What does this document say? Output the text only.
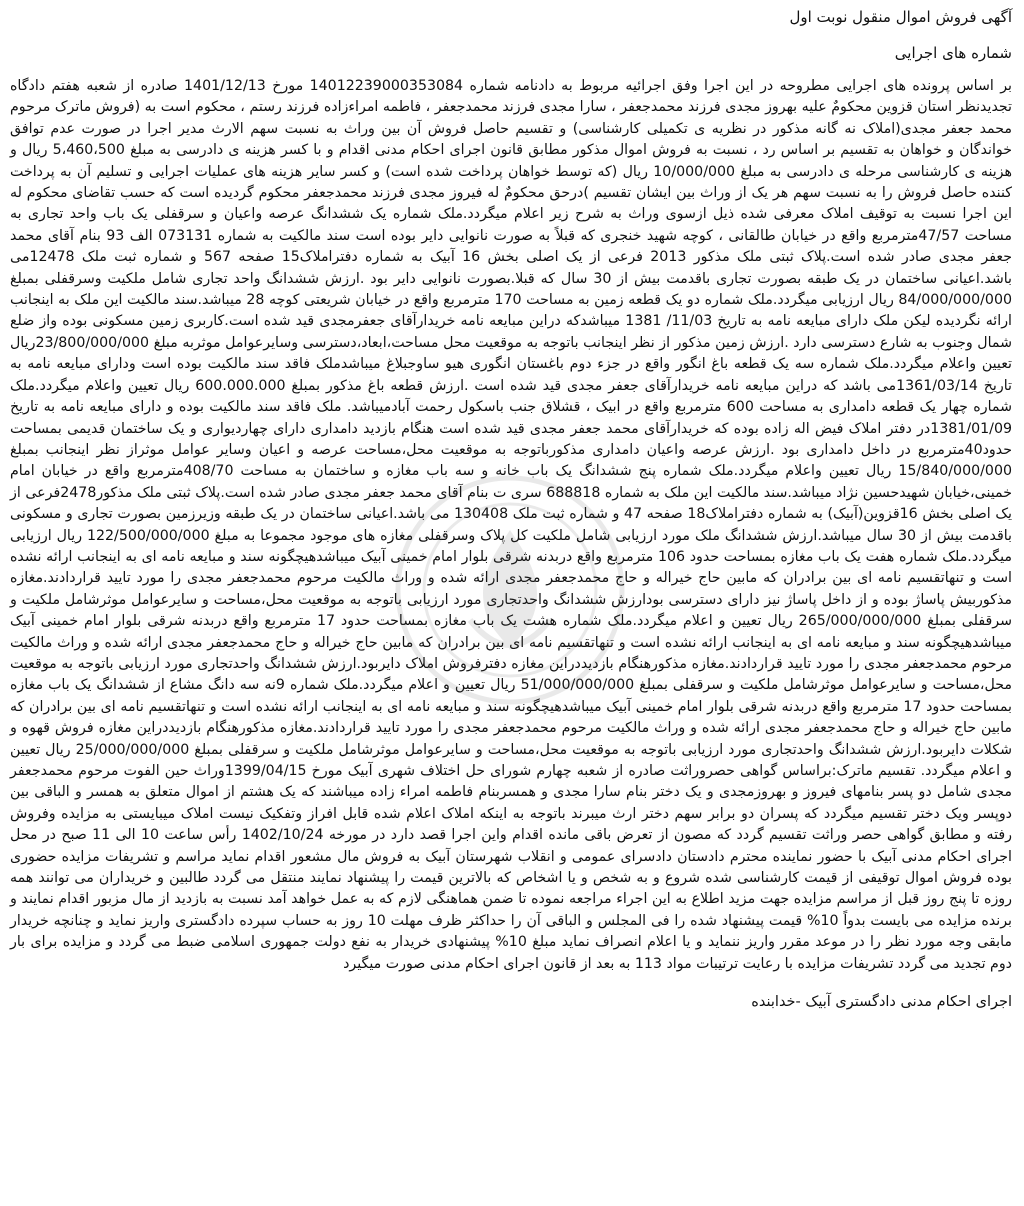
آگهی فروش اموال منقول نوبت اول
شماره های اجرایی

بر اساس پرونده های اجرایی مطروحه در این اجرا وفق اجرائیه مربوط به دادنامه شماره 14012239000353084 مورخ 1401/12/13 صادره از شعبه هفتم دادگاه تجدیدنظر استان قزوین محکومٌ علیه بهروز مجدی فرزند محمدجعفر ، سارا مجدی فرزند محمدجعفر ، فاطمه امراءزاده فرزند رستم ، محکوم است به (فروش ماترک مرحوم محمد جعفر مجدی(املاک نه گانه مذکور در نظریه ی تکمیلی کارشناسی) و تقسیم حاصل فروش آن بین وراث به نسبت سهم الارث مدیر اجرا در صورت عدم توافق خواندگان و خواهان به تقسیم بر اساس رد ، نسبت به فروش اموال مذکور مطابق قانون اجرای احکام مدنی اقدام و با کسر هزینه ی دادرسی به مبلغ 5،460،500 ریال و هزینه ی کارشناسی مرحله ی دادرسی به مبلغ 10/000/000 ریال (که توسط خواهان پرداخت شده است) و کسر سایر هزینه های عملیات اجرایی و تسلیم آن به پرداخت کننده حاصل فروش را به نسبت سهم هر یک از وراث بین ایشان تقسیم )درحق محکومٌ له فیروز مجدی فرزند محمدجعفر محکوم گردیده است که حسب تقاضای محکوم له این اجرا نسبت به توقیف املاک معرفی شده ذیل ازسوی وراث به شرح زیر اعلام میگردد.ملک شماره یک ششدانگ عرصه واعیان و سرقفلی یک باب واحد تجاری به مساحت 47/57مترمربع واقع در خیابان طالقانی ، کوچه شهید خنجری که قبلاً به صورت نانوایی دایر بوده است سند مالکیت به شماره 073131 الف 93 بنام آقای محمد جعفر مجدی صادر شده است.پلاک ثبتی ملک مذکور 2013 فرعی از یک اصلی بخش 16 آبیک به شماره دفتراملاک15 صفحه 567 و شماره ثبت ملک 12478می باشد.اعیانی ساختمان در یک طبقه بصورت تجاری باقدمت بیش از 30 سال که قبلا.بصورت نانوایی دایر بود .ارزش ششدانگ واحد تجاری شامل ملکیت وسرقفلی بمبلغ 84/000/000/000 ریال ارزیابی میگردد.ملک شماره دو یک قطعه زمین به مساحت 170 مترمربع واقع در خیابان شریعتی کوچه 28 میباشد.سند مالکیت این ملک به اینجانب ارائه نگردیده لیکن ملک دارای مبایعه نامه به تاریخ 11/03/ 1381 میباشدکه دراین مبایعه نامه خریدارآقای جعفرمجدی قید شده است.کاربری زمین مسکونی بوده واز ضلع شمال وجنوب به شارع دسترسی دارد .ارزش زمین مذکور از نظر اینجانب باتوجه به موقعیت محل مساحت،ابعاد،دسترسی وسایرعوامل موثربه مبلغ 23/800/000/000ریال تعیین واعلام میگردد.ملک شماره سه یک قطعه باغ انگور واقع در جزء دوم باغستان انگوری هیو ساوجبلاغ میباشدملک فاقد سند مالکیت بوده است ودارای مبایعه نامه به تاریخ 1361/03/14می باشد که دراین مبایعه نامه خریدارآقای جعفر مجدی قید شده است .ارزش قطعه باغ مذکور بمبلغ 600.000.000 ریال تعیین واعلام میگردد.ملک شماره چهار یک قطعه دامداری به مساحت 600 مترمربع واقع در ابیک ، قشلاق جنب باسکول رحمت آبادمیباشد. ملک فاقد سند مالکیت بوده و دارای مبایعه نامه به تاریخ 1381/01/09در دفتر املاک فیض اله زاده بوده که خریدارآقای محمد جعفر مجدی قید شده است هنگام بازدید دامداری دارای چهاردیواری و یک ساختمان قدیمی بمساحت حدود40مترمربع در داخل دامداری بود .ارزش عرصه واعیان دامداری مذکورباتوجه به موقعیت محل،مساحت عرصه و اعیان وسایر عوامل موثراز نظر اینجانب بمبلغ 15/840/000/000 ریال تعیین واعلام میگردد.ملک شماره پنج ششدانگ یک باب خانه و سه باب مغازه و ساختمان به مساحت 408/70مترمربع واقع در خیابان امام خمینی،خیابان شهیدحسین نژاد میباشد.سند مالکیت این ملک به شماره 688818 سری ت بنام آقای محمد جعفر مجدی صادر شده است.پلاک ثبتی ملک مذکور2478فرعی از یک اصلی بخش 16قزوین(آبیک) به شماره دفتراملاک18 صفحه 47 و شماره ثبت ملک 130408 می باشد.اعیانی ساختمان در یک طبقه وزیرزمین بصورت تجاری و مسکونی باقدمت بیش از 30 سال میباشد.ارزش ششدانگ ملک مورد ارزیابی شامل ملکیت کل پلاک وسرقفلی مغازه های موجود مجموعا به مبلغ 122/500/000/000 ریال ارزیابی میگردد.ملک شماره هفت یک باب مغازه بمساحت حدود 106 مترمربع واقع دربدنه شرقی بلوار امام خمینی آبیک میباشدهیچگونه سند و مبایعه نامه ای به اینجانب ارائه نشده است و تنهاتقسیم نامه ای بین برادران که مابین حاج خیراله و حاج محمدجعفر مجدی ارائه شده و وراث مالکیت مرحوم محمدجعفر مجدی را مورد تایید قراردادند.مغازه مذکوربیش پاساژ بوده و از داخل پاساژ نیز دارای دسترسی بودارزش ششدانگ واحدتجاری مورد ارزیابی باتوجه به موقعیت محل،مساحت و سایرعوامل موثرشامل ملکیت و سرقفلی بمبلغ 265/000/000/000 ریال تعیین و اعلام میگردد.ملک شماره هشت یک باب مغازه بمساحت حدود 17 مترمربع واقع دربدنه شرقی بلوار امام خمینی آبیک میباشدهیچگونه سند و مبایعه نامه ای به اینجانب ارائه نشده است و تنهاتقسیم نامه ای بین برادران که مابین حاج خیراله و حاج محمدجعفر مجدی ارائه شده و وراث مالکیت مرحوم محمدجعفر مجدی را مورد تایید قراردادند.مغازه مذکورهنگام بازدیددراین مغازه دفترفروش املاک دایربود.ارزش ششدانگ واحدتجاری مورد ارزیابی باتوجه به موقعیت محل،مساحت و سایرعوامل موثرشامل ملکیت و سرقفلی بمبلغ 51/000/000/000 ریال تعیین و اعلام میگردد.ملک شماره 9نه سه دانگ مشاع از ششدانگ یک باب مغازه بمساحت حدود 17 مترمربع واقع دربدنه شرقی بلوار امام خمینی آبیک میباشدهیچگونه سند و مبایعه نامه ای به اینجانب ارائه نشده است و تنهاتقسیم نامه ای بین برادران که مابین حاج خیراله و حاج محمدجعفر مجدی ارائه شده و وراث مالکیت مرحوم محمدجعفر مجدی را مورد تایید قراردادند.مغازه مذکورهنگام بازدیددراین مغازه فروش قهوه و شکلات دایربود.ارزش ششدانگ واحدتجاری مورد ارزیابی باتوجه به موقعیت محل،مساحت و سایرعوامل موثرشامل ملکیت و سرقفلی بمبلغ 25/000/000/000 ریال تعیین و اعلام میگردد. تقسیم ماترک:براساس گواهی حصروراثت صادره از شعبه چهارم شورای حل اختلاف شهری آبیک مورخ 1399/04/15وراث حین الفوت مرحوم محمدجعفر مجدی شامل دو پسر بنامهای فیروز و بهروزمجدی و یک دختر بنام سارا مجدی و همسربنام فاطمه امراء زاده میباشند که یک هشتم از اموال متعلق به همسر و الباقی بین دوپسر ویک دختر تقسیم میگردد که پسران دو برابر سهم دختر ارث میبرند باتوجه به اینکه املاک اعلام شده قابل افراز وتفکیک نیست املاک میبایستی به مزایده وفروش رفته و مطابق گواهی حصر وراثت تقسیم گردد که مصون از تعرض باقی مانده اقدام واین اجرا قصد دارد در مورخه 1402/10/24 رأس ساعت 10 الی 11 صبح در محل اجرای احکام مدنی آبیک با حضور نماینده محترم دادستان دادسرای عمومی و انقلاب شهرستان آبیک به فروش مال مشعور اقدام نماید مراسم و تشریفات مزایده حضوری بوده فروش اموال توقیفی از قیمت کارشناسی شده شروع و به شخص و یا اشخاص که بالاترین قیمت را پیشنهاد نمایند منتقل می گردد طالبین و خریداران می توانند همه روزه تا پنج روز قبل از مراسم مزایده جهت مزید اطلاع به این اجراء مراجعه نموده تا ضمن هماهنگی لازم که به عمل خواهد آمد نسبت به بازدید از مال مزبور اقدام نمایند و برنده مزایده می بایست بدواً 10% قیمت پیشنهاد شده را فی المجلس و الباقی آن را حداکثر ظرف مهلت 10 روز به حساب سپرده دادگستری واریز نماید و چنانچه خریدار مابقی وجه مورد نظر را در موعد مقرر واریز ننماید و یا اعلام انصراف نماید مبلغ 10% پیشنهادی خریدار به نفع دولت جمهوری اسلامی ضبط می گردد و مزایده برای بار دوم تجدید می گردد تشریفات مزایده با رعایت ترتیبات مواد 113 به بعد از قانون اجرای احکام مدنی صورت میگیرد

اجرای احکام مدنی دادگستری آبیک -خدابنده
